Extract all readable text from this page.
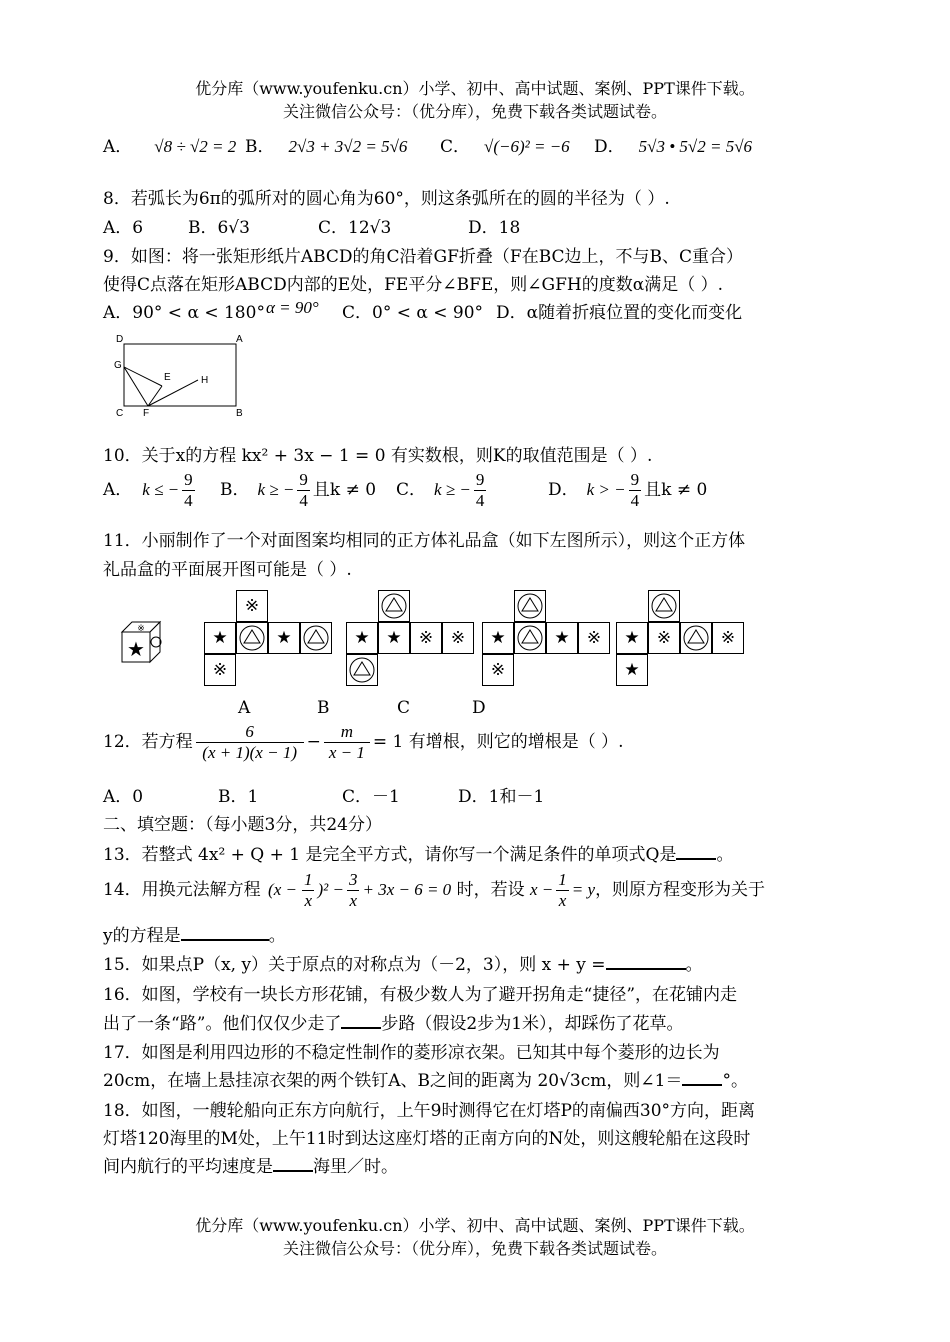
优分库（www.youfenku.cn）小学、初中、高中试题、案例、PPT课件下载。
关注微信公众号：（优分库），免费下载各类试题试卷。
A． √8 ÷ √2 = 2 B． 2√3 + 3√2 = 5√6 C． √(−6)² = −6 D． 5√3 • 5√2 = 5√6
8．若弧长为6π的弧所对的圆心角为60°，则这条弧所在的圆的半径为（ ）.
A．6	B．6√3	C．12√3	D．18
9．如图：将一张矩形纸片ABCD的角C沿着GF折叠（F在BC边上，不与B、C重合）
使得C点落在矩形ABCD内部的E处，FE平分∠BFE，则∠GFH的度数α满足（ ）.
A．90° < α < 180° α = 90° C．0° < α < 90° D．α随着折痕位置的变化而变化
D	A
G
E	H
C F	B
10．关于x的方程 kx² + 3x − 1 = 0 有实数根，则K的取值范围是（ ）.
A． k ≤ − $\frac{9}{4}$ B． k ≥ − $\frac{9}{4}$ 且k ≠ 0 C． k ≥ − $\frac{9}{4}$	D． k > − $\frac{9}{4}$ 且k ≠ 0
11．小丽制作了一个对面图案均相同的正方体礼品盒（如下左图所示），则这个正方体
礼品盒的平面展开图可能是（ ）.
★
※
※
★	★
※
★ ★	※	※	★	★	※
※
★	※	※
★
A	B	C	D
12．若方程 $\frac{6}{(x + 1)(x - 1)} - \frac{m}{x - 1} = 1$ 有增根，则它的增根是（ ）.
A．0	B．1	C．－1	D．1和－1
二、填空题：（每小题3分，共24分）
13．若整式 4x² + Q + 1 是完全平方式，请你写一个满足条件的单项式Q是 。
14．用换元法解方程 $(x - \frac{1}{x} )^2 - \frac{3}{x} + 3x - 6 = 0$ 时，若设 $x - \frac{1}{x} = y$，则原方程变形为关于
y的方程是	。
15．如果点P（x, y）关于原点的对称点为（－2，3），则 x + y =	。
16．如图，学校有一块长方形花铺，有极少数人为了避开拐角走“捷径”，在花铺内走
出了一条“路”。他们仅仅少走了 步路（假设2步为1米），却踩伤了花草。
17．如图是利用四边形的不稳定性制作的菱形凉衣架。已知其中每个菱形的边长为
20cm，在墙上悬挂凉衣架的两个铁钉A、B之间的距离为 20√3cm，则∠1＝ °。
18．如图，一艘轮船向正东方向航行，上午9时测得它在灯塔P的南偏西30°方向，距离
灯塔120海里的M处，上午11时到达这座灯塔的正南方向的N处，则这艘轮船在这段时
间内航行的平均速度是 海里／时。
优分库（www.youfenku.cn）小学、初中、高中试题、案例、PPT课件下载。
关注微信公众号：（优分库），免费下载各类试题试卷。
